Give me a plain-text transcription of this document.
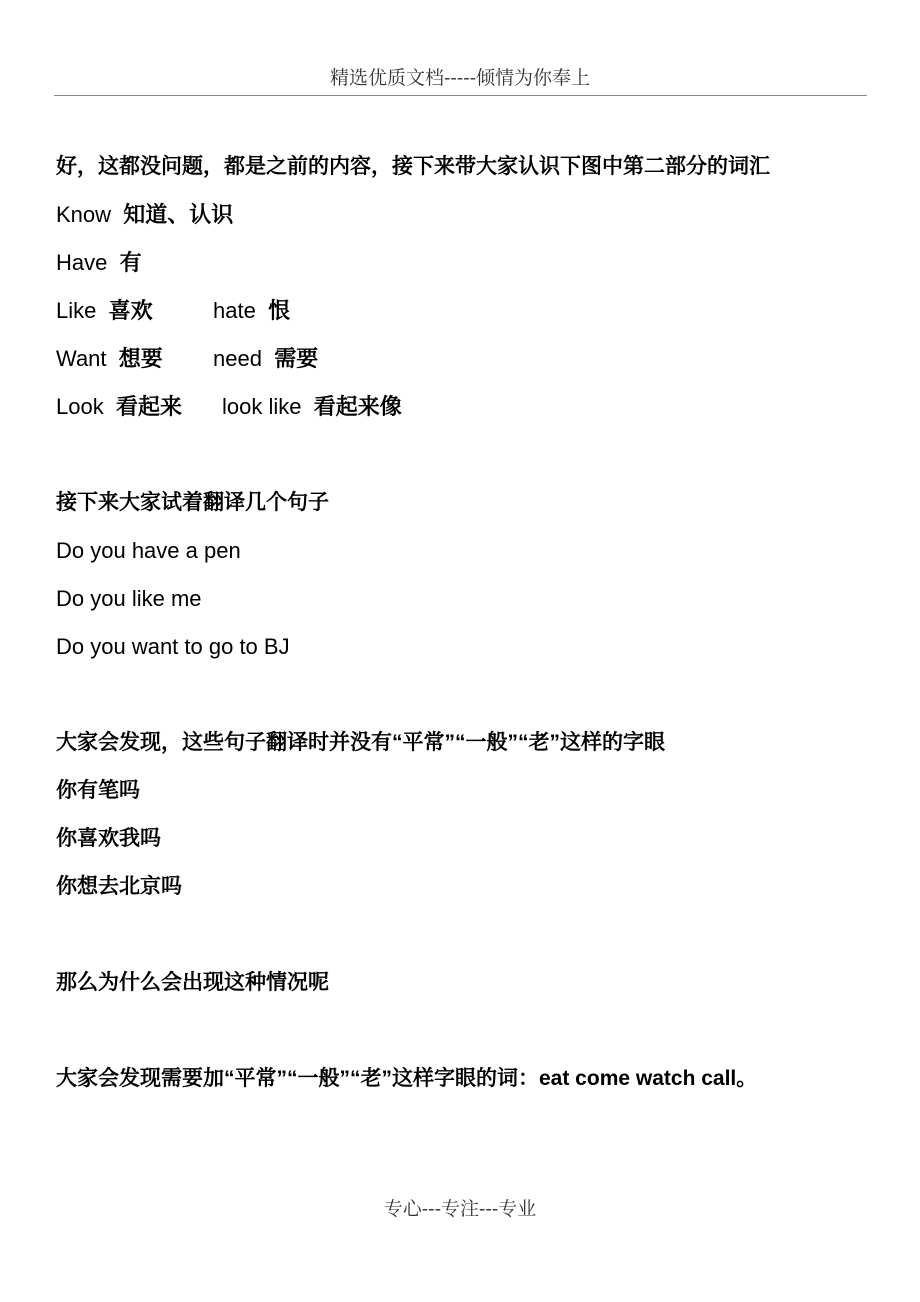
精选优质文档-----倾情为你奉上
好，这都没问题，都是之前的内容，接下来带大家认识下图中第二部分的词汇
Know 知道、认识
Have 有
Like 喜欢	hate 恨
Want 想要	need 需要
Look 看起来	look like 看起来像
接下来大家试着翻译几个句子
Do you have a pen
Do you like me
Do you want to go to BJ
大家会发现，这些句子翻译时并没有“平常”“一般”“老”这样的字眼
你有笔吗
你喜欢我吗
你想去北京吗
那么为什么会出现这种情况呢
大家会发现需要加“平常”“一般”“老”这样字眼的词：eat come watch call。
专心---专注---专业
